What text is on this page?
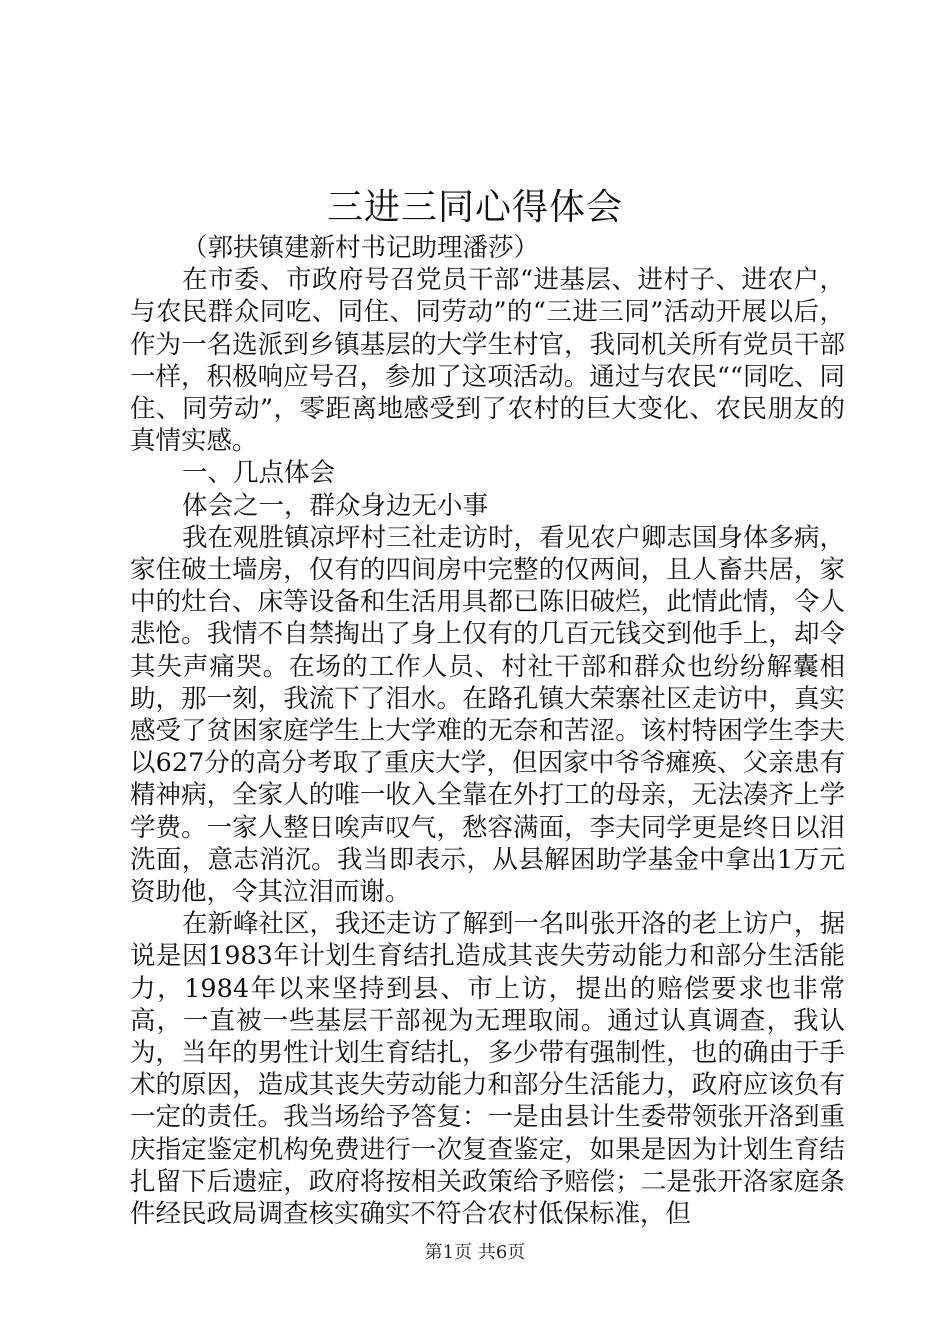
三进三同心得体会

（郭扶镇建新村书记助理潘莎）

在市委、市政府号召党员干部“进基层、进村子、进农户，与农民群众同吃、同住、同劳动”的“三进三同”活动开展以后，作为一名选派到乡镇基层的大学生村官，我同机关所有党员干部一样，积极响应号召，参加了这项活动。通过与农民““同吃、同住、同劳动”，零距离地感受到了农村的巨大变化、农民朋友的真情实感。

一、几点体会

体会之一，群众身边无小事

我在观胜镇凉坪村三社走访时，看见农户卿志国身体多病，家住破土墙房，仅有的四间房中完整的仅两间，且人畜共居，家中的灶台、床等设备和生活用具都已陈旧破烂，此情此情，令人悲怆。我情不自禁掏出了身上仅有的几百元钱交到他手上，却令其失声痛哭。在场的工作人员、村社干部和群众也纷纷解囊相助，那一刻，我流下了泪水。在路孔镇大荣寨社区走访中，真实感受了贫困家庭学生上大学难的无奈和苦涩。该村特困学生李夫以627分的高分考取了重庆大学，但因家中爷爷瘫痪、父亲患有精神病，全家人的唯一收入全靠在外打工的母亲，无法凑齐上学学费。一家人整日唉声叹气，愁容满面，李夫同学更是终日以泪洗面，意志消沉。我当即表示，从县解困助学基金中拿出1万元资助他，令其泣泪而谢。

在新峰社区，我还走访了解到一名叫张开洛的老上访户，据说是因1983年计划生育结扎造成其丧失劳动能力和部分生活能力，1984年以来坚持到县、市上访，提出的赔偿要求也非常高，一直被一些基层干部视为无理取闹。通过认真调查，我认为，当年的男性计划生育结扎，多少带有强制性，也的确由于手术的原因，造成其丧失劳动能力和部分生活能力，政府应该负有一定的责任。我当场给予答复：一是由县计生委带领张开洛到重庆指定鉴定机构免费进行一次复查鉴定，如果是因为计划生育结扎留下后遗症，政府将按相关政策给予赔偿；二是张开洛家庭条件经民政局调查核实确实不符合农村低保标准，但

第1页 共6页
